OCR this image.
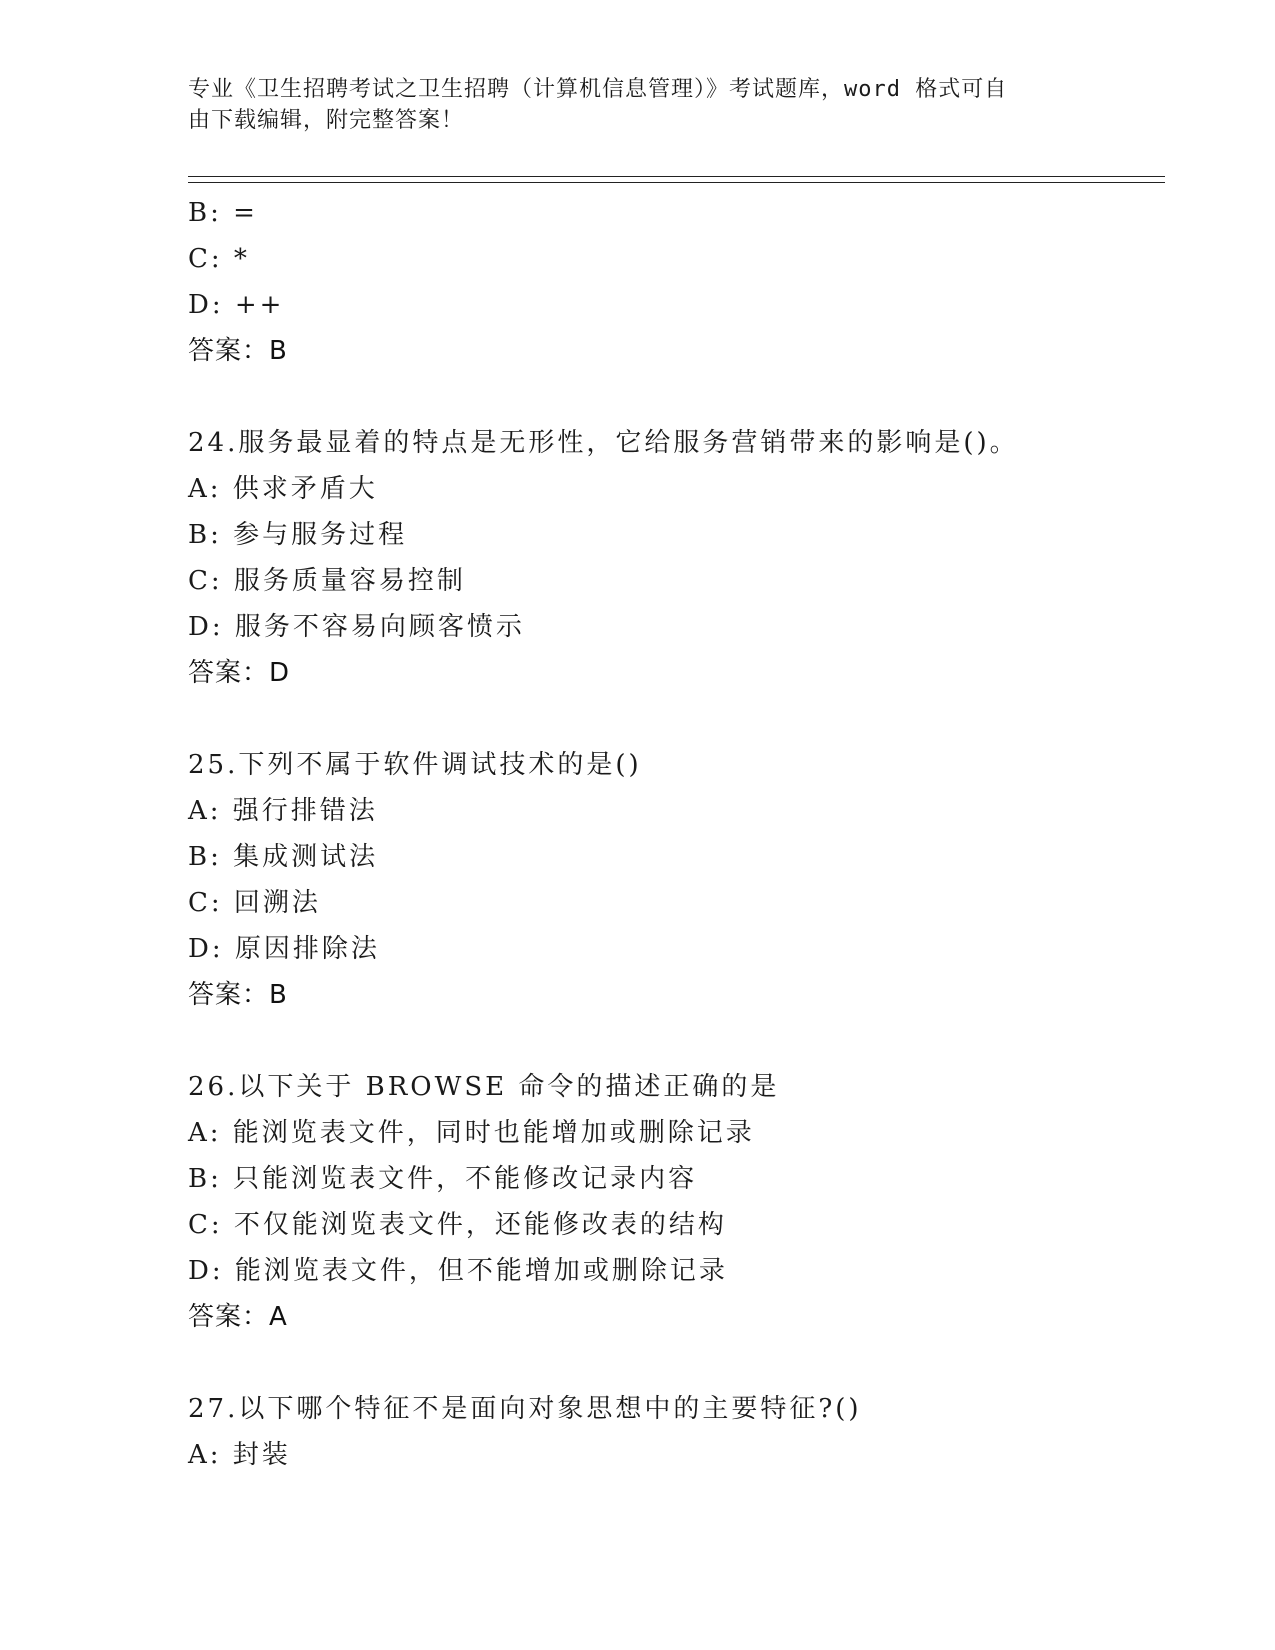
专业《卫生招聘考试之卫生招聘（计算机信息管理）》考试题库，word 格式可自
由下载编辑，附完整答案！
B: =
C: *
D: ++
答案：B
24.服务最显着的特点是无形性，它给服务营销带来的影响是()。
A: 供求矛盾大
B: 参与服务过程
C: 服务质量容易控制
D: 服务不容易向顾客愤示
答案：D
25.下列不属于软件调试技术的是()
A: 强行排错法
B: 集成测试法
C: 回溯法
D: 原因排除法
答案：B
26.以下关于 BROWSE 命令的描述正确的是
A: 能浏览表文件，同时也能增加或删除记录
B: 只能浏览表文件，不能修改记录内容
C: 不仅能浏览表文件，还能修改表的结构
D: 能浏览表文件，但不能增加或删除记录
答案：A
27.以下哪个特征不是面向对象思想中的主要特征?()
A: 封装
